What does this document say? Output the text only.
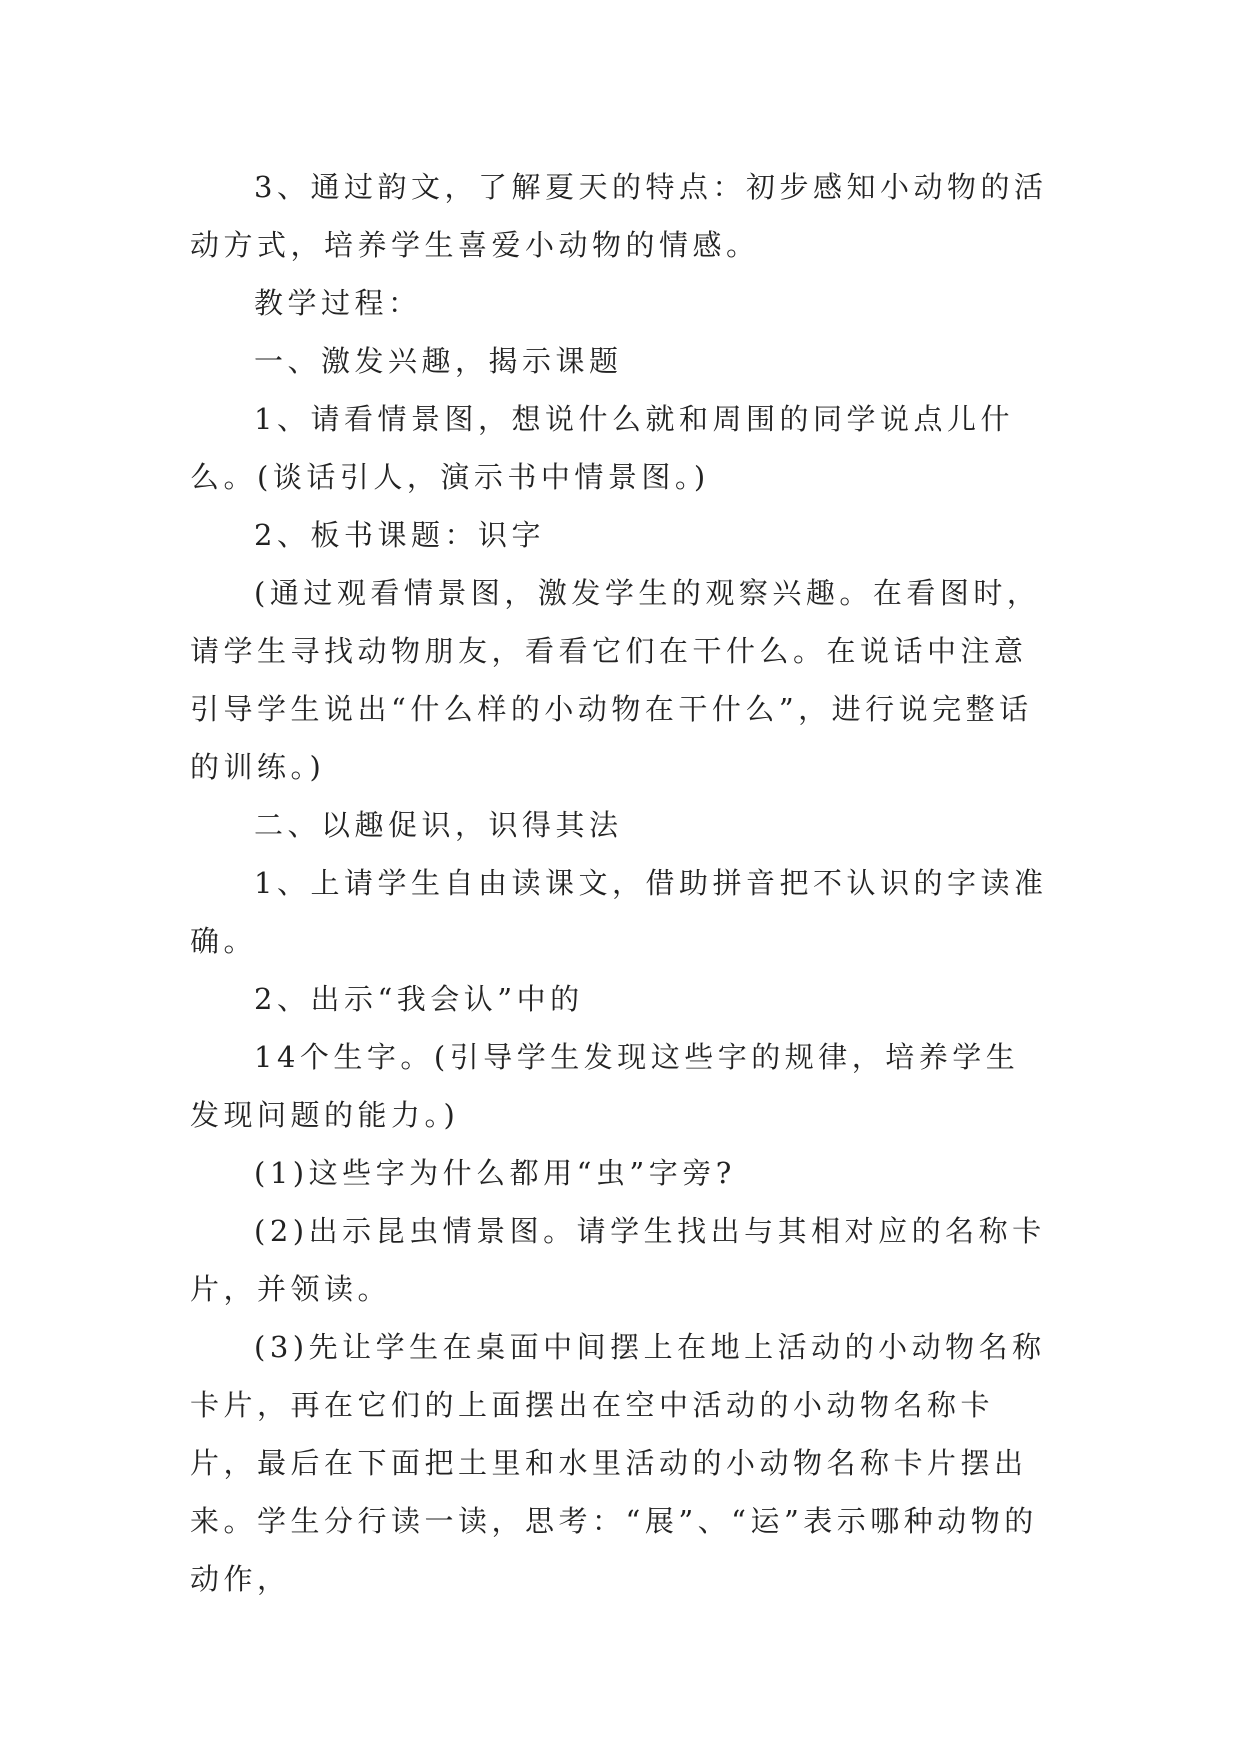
3、通过韵文，了解夏天的特点：初步感知小动物的活动方式，培养学生喜爱小动物的情感。

教学过程：

一、激发兴趣，揭示课题

1、请看情景图，想说什么就和周围的同学说点儿什么。(谈话引人，演示书中情景图。)

2、板书课题：识字

(通过观看情景图，激发学生的观察兴趣。在看图时，请学生寻找动物朋友，看看它们在干什么。在说话中注意引导学生说出“什么样的小动物在干什么”，进行说完整话的训练。)

二、以趣促识，识得其法

1、上请学生自由读课文，借助拼音把不认识的字读准确。

2、出示“我会认”中的

14个生字。(引导学生发现这些字的规律，培养学生发现问题的能力。)

(1)这些字为什么都用“虫”字旁?

(2)出示昆虫情景图。请学生找出与其相对应的名称卡片，并领读。

(3)先让学生在桌面中间摆上在地上活动的小动物名称卡片，再在它们的上面摆出在空中活动的小动物名称卡片，最后在下面把土里和水里活动的小动物名称卡片摆出来。学生分行读一读，思考：“展”、“运”表示哪种动物的动作，
